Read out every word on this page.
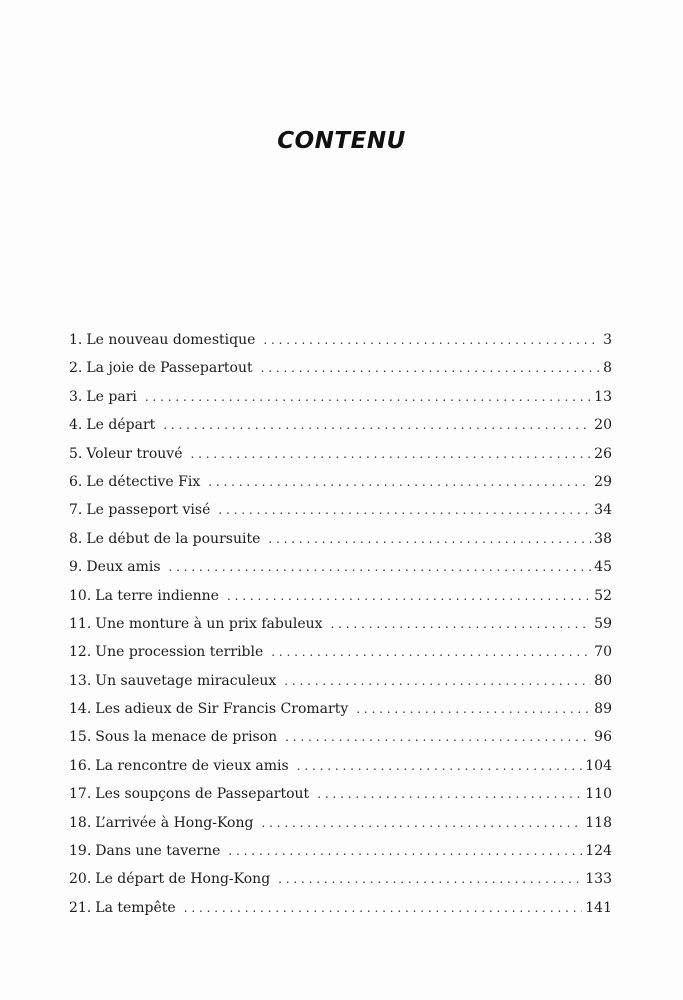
CONTENU
1. Le nouveau domestique . . .	3
2. La joie de Passepartout . . .	8
3. Le pari . . .	13
4. Le départ . . .	20
5. Voleur trouvé . . .	26
6. Le détective Fix . . .	29
7. Le passeport visé . . .	34
8. Le début de la poursuite . . .	38
9. Deux amis . . .	45
10. La terre indienne . . .	52
11. Une monture à un prix fabuleux . . .	59
12. Une procession terrible . . .	70
13. Un sauvetage miraculeux . . .	80
14. Les adieux de Sir Francis Cromarty . . .	89
15. Sous la menace de prison . . .	96
16. La rencontre de vieux amis . . .	104
17. Les soupçons de Passepartout . . .	110
18. L’arrivée à Hong-Kong . . .	118
19. Dans une taverne . . .	124
20. Le départ de Hong-Kong . . .	133
21. La tempête . . .	141
